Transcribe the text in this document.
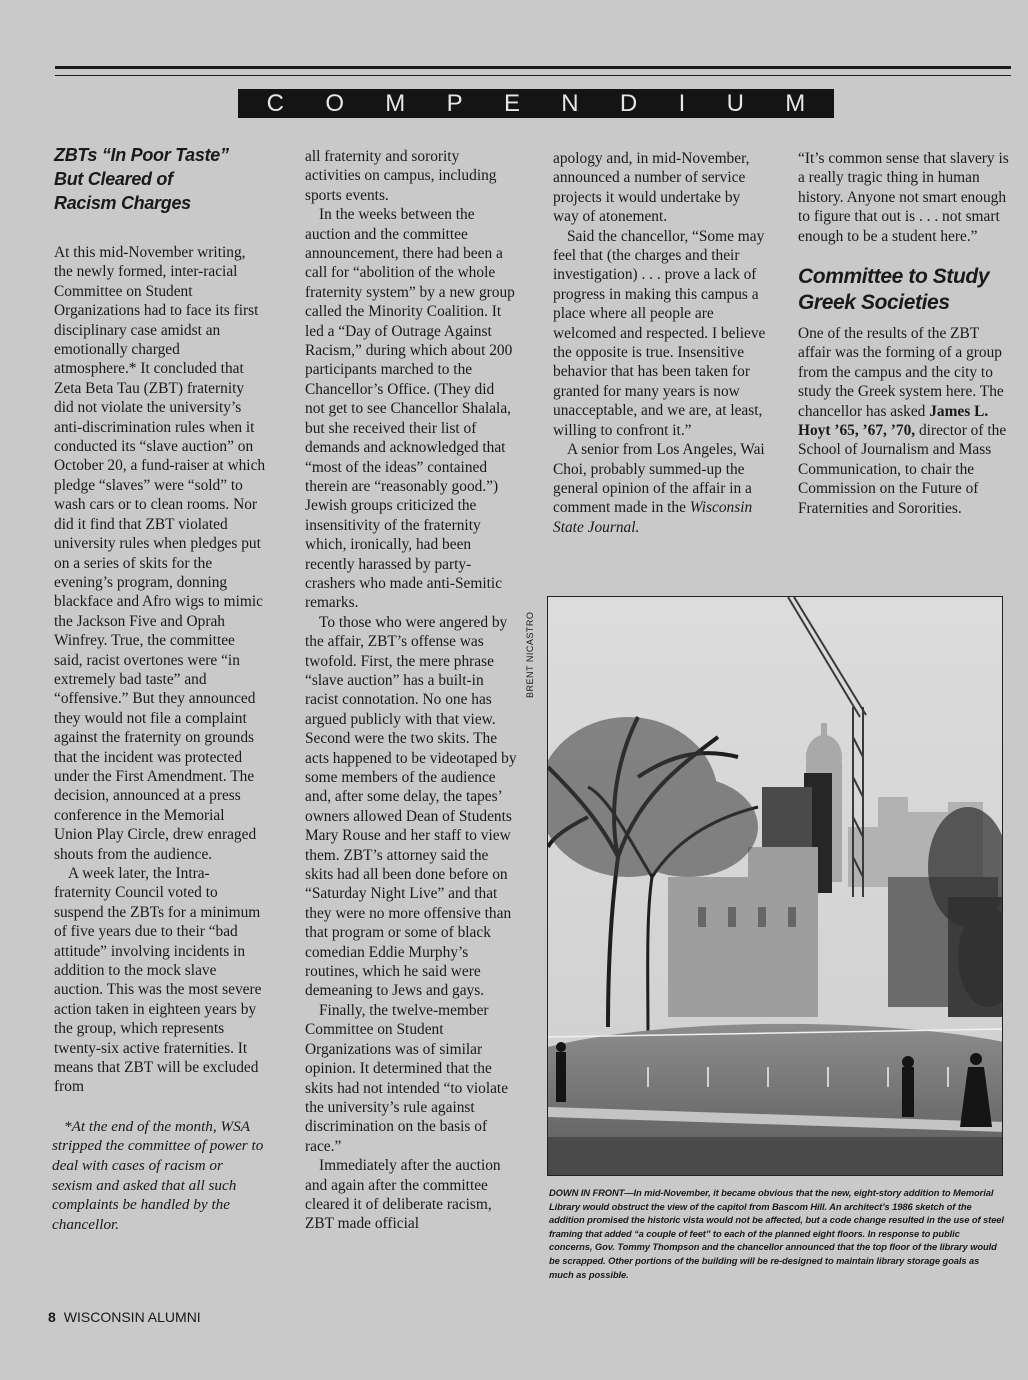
C O M P E N D I U M
ZBTs “In Poor Taste”
But Cleared of
Racism Charges

At this mid-November writing, the newly formed, inter-racial Committee on Student Organizations had to face its first disciplinary case amidst an emotionally charged atmosphere.* It concluded that Zeta Beta Tau (ZBT) fraternity did not violate the university’s anti-discrimination rules when it conducted its “slave auction” on October 20, a fund-raiser at which pledge “slaves” were “sold” to wash cars or to clean rooms. Nor did it find that ZBT violated university rules when pledges put on a series of skits for the evening’s program, donning blackface and Afro wigs to mimic the Jackson Five and Oprah Winfrey. True, the committee said, racist overtones were “in extremely bad taste” and “offensive.” But they announced they would not file a complaint against the fraternity on grounds that the incident was protected under the First Amendment. The decision, announced at a press conference in the Memorial Union Play Circle, drew enraged shouts from the audience.

A week later, the Intra-fraternity Council voted to suspend the ZBTs for a minimum of five years due to their “bad attitude” involving incidents in addition to the mock slave auction. This was the most severe action taken in eighteen years by the group, which represents twenty-six active fraternities. It means that ZBT will be excluded from

*At the end of the month, WSA stripped the committee of power to deal with cases of racism or sexism and asked that all such complaints be handled by the chancellor.

all fraternity and sorority activities on campus, including sports events.

In the weeks between the auction and the committee announcement, there had been a call for “abolition of the whole fraternity system” by a new group called the Minority Coalition. It led a “Day of Outrage Against Racism,” during which about 200 participants marched to the Chancellor’s Office. (They did not get to see Chancellor Shalala, but she received their list of demands and acknowledged that “most of the ideas” contained therein are “reasonably good.”) Jewish groups criticized the insensitivity of the fraternity which, ironically, had been recently harassed by party-crashers who made anti-Semitic remarks.

To those who were angered by the affair, ZBT’s offense was twofold. First, the mere phrase “slave auction” has a built-in racist connotation. No one has argued publicly with that view. Second were the two skits. The acts happened to be videotaped by some members of the audience and, after some delay, the tapes’ owners allowed Dean of Students Mary Rouse and her staff to view them. ZBT’s attorney said the skits had all been done before on “Saturday Night Live” and that they were no more offensive than that program or some of black comedian Eddie Murphy’s routines, which he said were demeaning to Jews and gays.

Finally, the twelve-member Committee on Student Organizations was of similar opinion. It determined that the skits had not intended “to violate the university’s rule against discrimination on the basis of race.”

Immediately after the auction and again after the committee cleared it of deliberate racism, ZBT made official

apology and, in mid-November, announced a number of service projects it would undertake by way of atonement.

Said the chancellor, “Some may feel that (the charges and their investigation) . . . prove a lack of progress in making this campus a place where all people are welcomed and respected. I believe the opposite is true. Insensitive behavior that has been taken for granted for many years is now unacceptable, and we are, at least, willing to confront it.”

A senior from Los Angeles, Wai Choi, probably summed-up the general opinion of the affair in a comment made in the Wisconsin State Journal.

“It’s common sense that slavery is a really tragic thing in human history. Anyone not smart enough to figure that out is . . . not smart enough to be a student here.”

Committee to Study
Greek Societies

One of the results of the ZBT affair was the forming of a group from the campus and the city to study the Greek system here. The chancellor has asked James L. Hoyt ’65, ’67, ’70, director of the School of Journalism and Mass Communication, to chair the Commission on the Future of Fraternities and Sororities.

BRENT NICASTRO
DOWN IN FRONT—In mid-November, it became obvious that the new, eight-story addition to Memorial Library would obstruct the view of the capitol from Bascom Hill. An architect’s 1986 sketch of the addition promised the historic vista would not be affected, but a code change resulted in the use of steel framing that added “a couple of feet” to each of the planned eight floors. In response to public concerns, Gov. Tommy Thompson and the chancellor announced that the top floor of the library would be scrapped. Other portions of the building will be re-designed to maintain library storage goals as much as possible.
8 WISCONSIN ALUMNI
